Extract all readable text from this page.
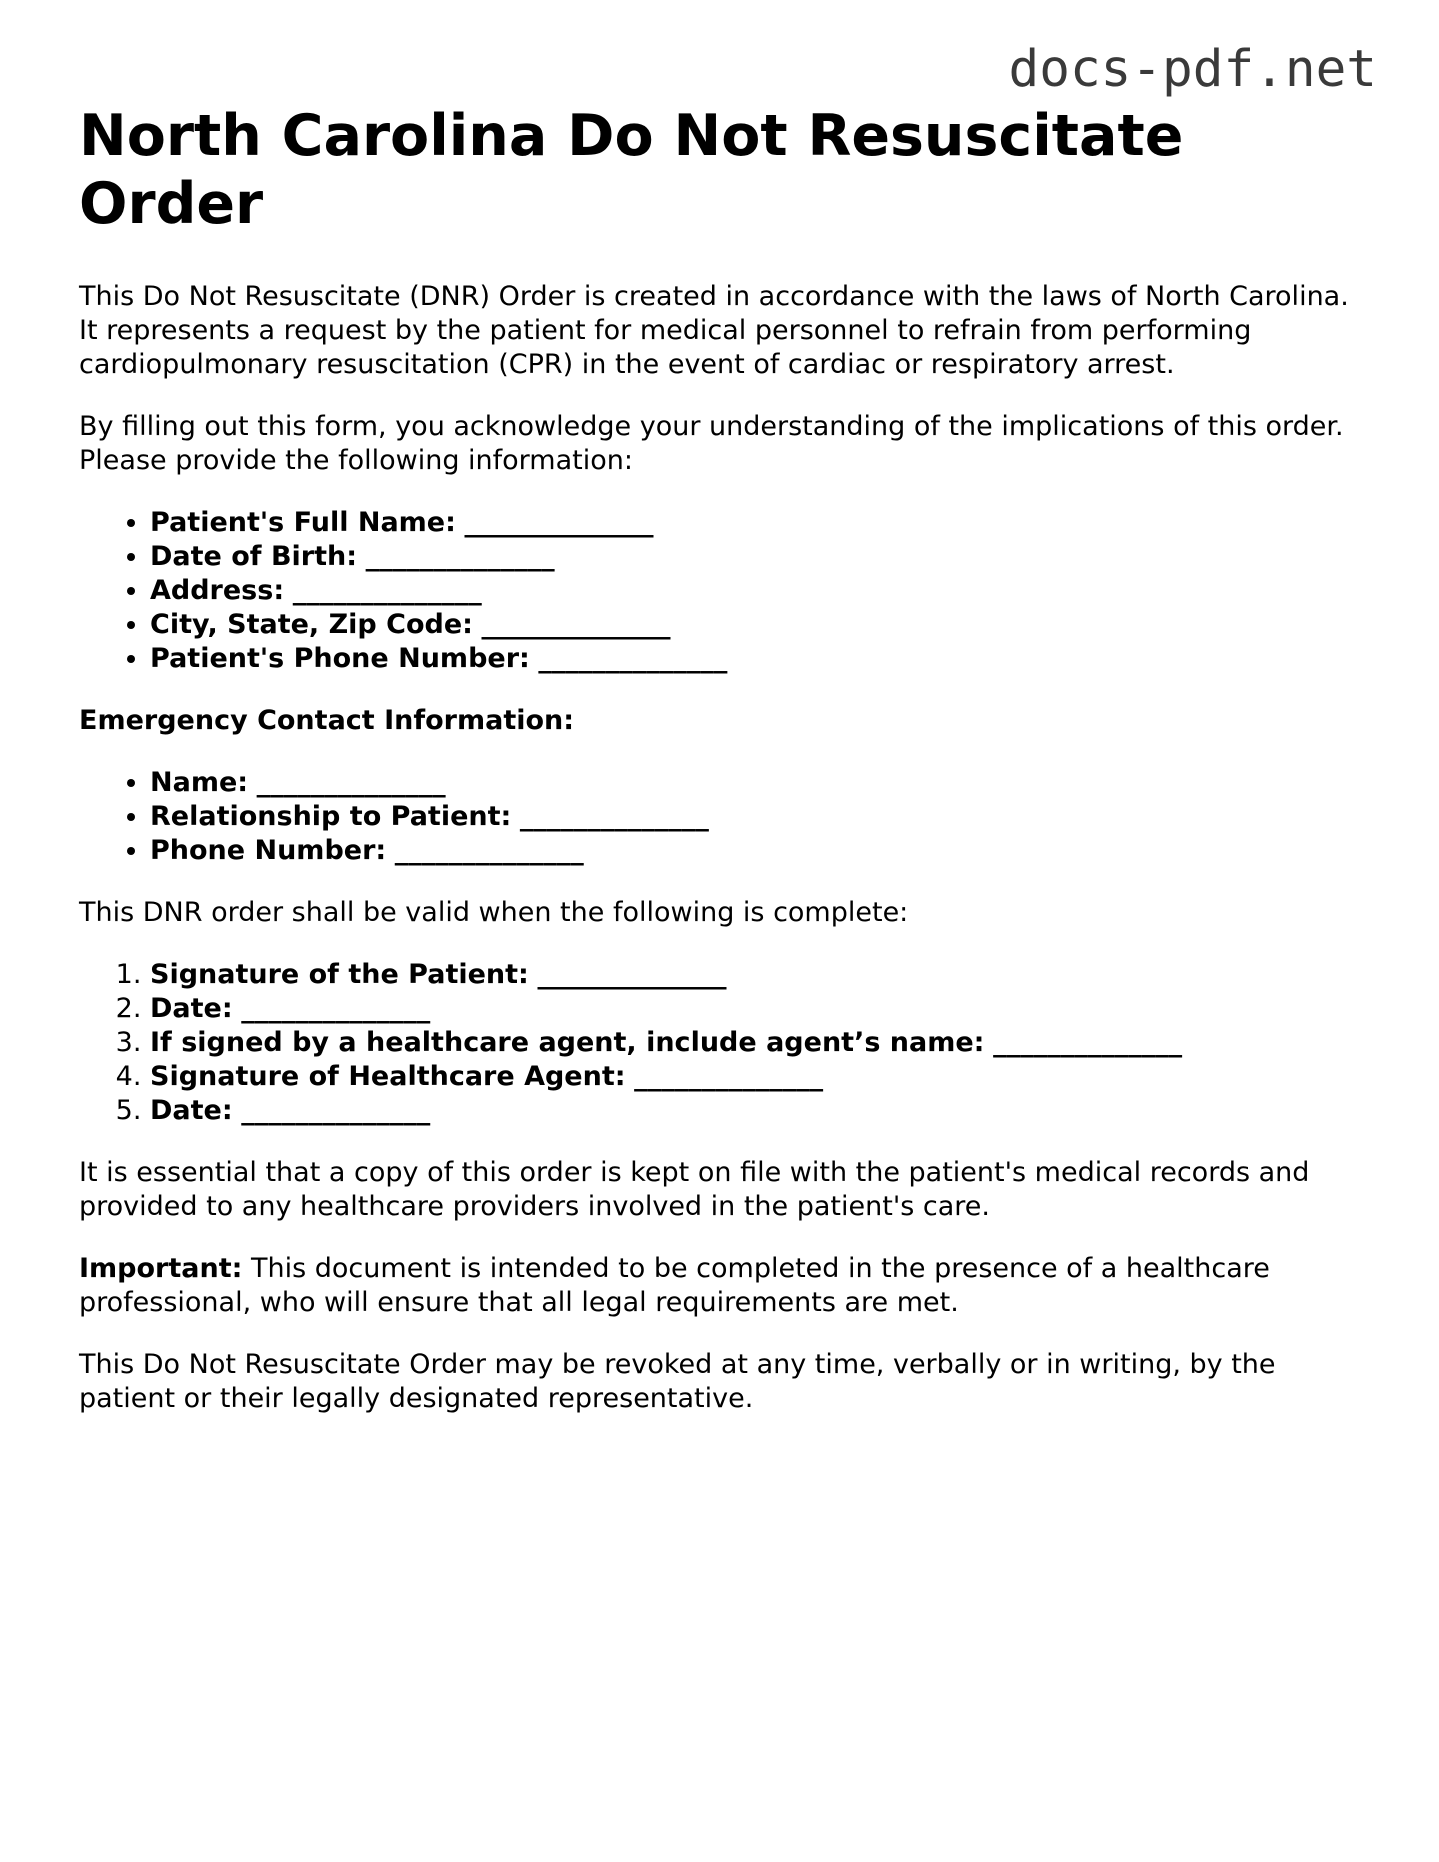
docs-pdf.net
North Carolina Do Not Resuscitate Order

This Do Not Resuscitate (DNR) Order is created in accordance with the laws of North Carolina. It represents a request by the patient for medical personnel to refrain from performing cardiopulmonary resuscitation (CPR) in the event of cardiac or respiratory arrest.

By filling out this form, you acknowledge your understanding of the implications of this order. Please provide the following information:

• Patient's Full Name: ______________
• Date of Birth: ______________
• Address: ______________
• City, State, Zip Code: ______________
• Patient's Phone Number: ______________

Emergency Contact Information:

• Name: ______________
• Relationship to Patient: ______________
• Phone Number: ______________

This DNR order shall be valid when the following is complete:

1. Signature of the Patient: ______________
2. Date: ______________
3. If signed by a healthcare agent, include agent’s name: ______________
4. Signature of Healthcare Agent: ______________
5. Date: ______________

It is essential that a copy of this order is kept on file with the patient's medical records and provided to any healthcare providers involved in the patient's care.

Important: This document is intended to be completed in the presence of a healthcare professional, who will ensure that all legal requirements are met.

This Do Not Resuscitate Order may be revoked at any time, verbally or in writing, by the patient or their legally designated representative.
